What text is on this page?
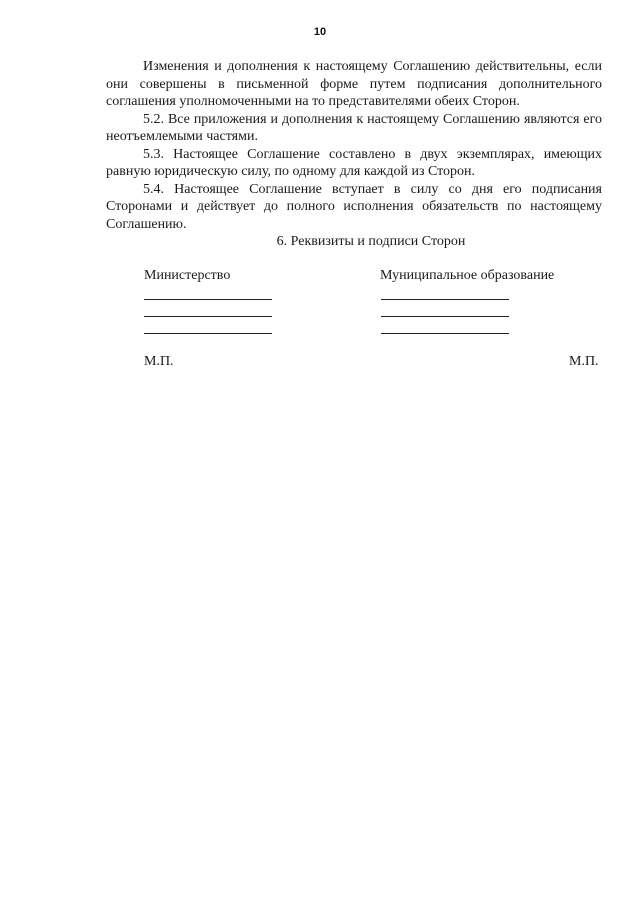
10

Изменения и дополнения к настоящему Соглашению действительны, если они совершены в письменной форме путем подписания дополнительного соглашения уполномоченными на то представителями обеих Сторон.

5.2. Все приложения и дополнения к настоящему Соглашению являются его неотъемлемыми частями.

5.3. Настоящее Соглашение составлено в двух экземплярах, имеющих равную юридическую силу, по одному для каждой из Сторон.

5.4. Настоящее Соглашение вступает в силу со дня его подписания Сторонами и действует до полного исполнения обязательств по настоящему Соглашению.

6. Реквизиты и подписи Сторон
Министерство	Муниципальное образование
М.П.	М.П.
